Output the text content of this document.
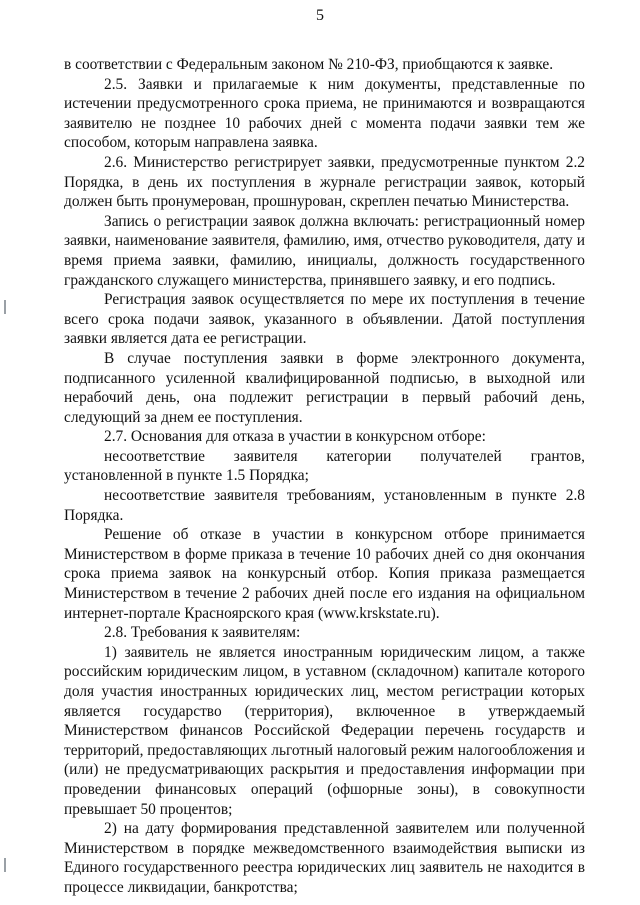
5

в соответствии с Федеральным законом № 210-ФЗ, приобщаются к заявке.

2.5. Заявки и прилагаемые к ним документы, представленные по истечении предусмотренного срока приема, не принимаются и возвращаются заявителю не позднее 10 рабочих дней с момента подачи заявки тем же способом, которым направлена заявка.

2.6. Министерство регистрирует заявки, предусмотренные пунктом 2.2 Порядка, в день их поступления в журнале регистрации заявок, который должен быть пронумерован, прошнурован, скреплен печатью Министерства.

Запись о регистрации заявок должна включать: регистрационный номер заявки, наименование заявителя, фамилию, имя, отчество руководителя, дату и время приема заявки, фамилию, инициалы, должность государственного гражданского служащего министерства, принявшего заявку, и его подпись.

Регистрация заявок осуществляется по мере их поступления в течение всего срока подачи заявок, указанного в объявлении. Датой поступления заявки является дата ее регистрации.

В случае поступления заявки в форме электронного документа, подписанного усиленной квалифицированной подписью, в выходной или нерабочий день, она подлежит регистрации в первый рабочий день, следующий за днем ее поступления.

2.7. Основания для отказа в участии в конкурсном отборе:

несоответствие заявителя категории получателей грантов, установленной в пункте 1.5 Порядка;

несоответствие заявителя требованиям, установленным в пункте 2.8 Порядка.

Решение об отказе в участии в конкурсном отборе принимается Министерством в форме приказа в течение 10 рабочих дней со дня окончания срока приема заявок на конкурсный отбор. Копия приказа размещается Министерством в течение 2 рабочих дней после его издания на официальном интернет-портале Красноярского края (www.krskstate.ru).

2.8. Требования к заявителям:

1) заявитель не является иностранным юридическим лицом, а также российским юридическим лицом, в уставном (складочном) капитале которого доля участия иностранных юридических лиц, местом регистрации которых является государство (территория), включенное в утверждаемый Министерством финансов Российской Федерации перечень государств и территорий, предоставляющих льготный налоговый режим налогообложения и (или) не предусматривающих раскрытия и предоставления информации при проведении финансовых операций (офшорные зоны), в совокупности превышает 50 процентов;

2) на дату формирования представленной заявителем или полученной Министерством в порядке межведомственного взаимодействия выписки из Единого государственного реестра юридических лиц заявитель не находится в процессе ликвидации, банкротства;
